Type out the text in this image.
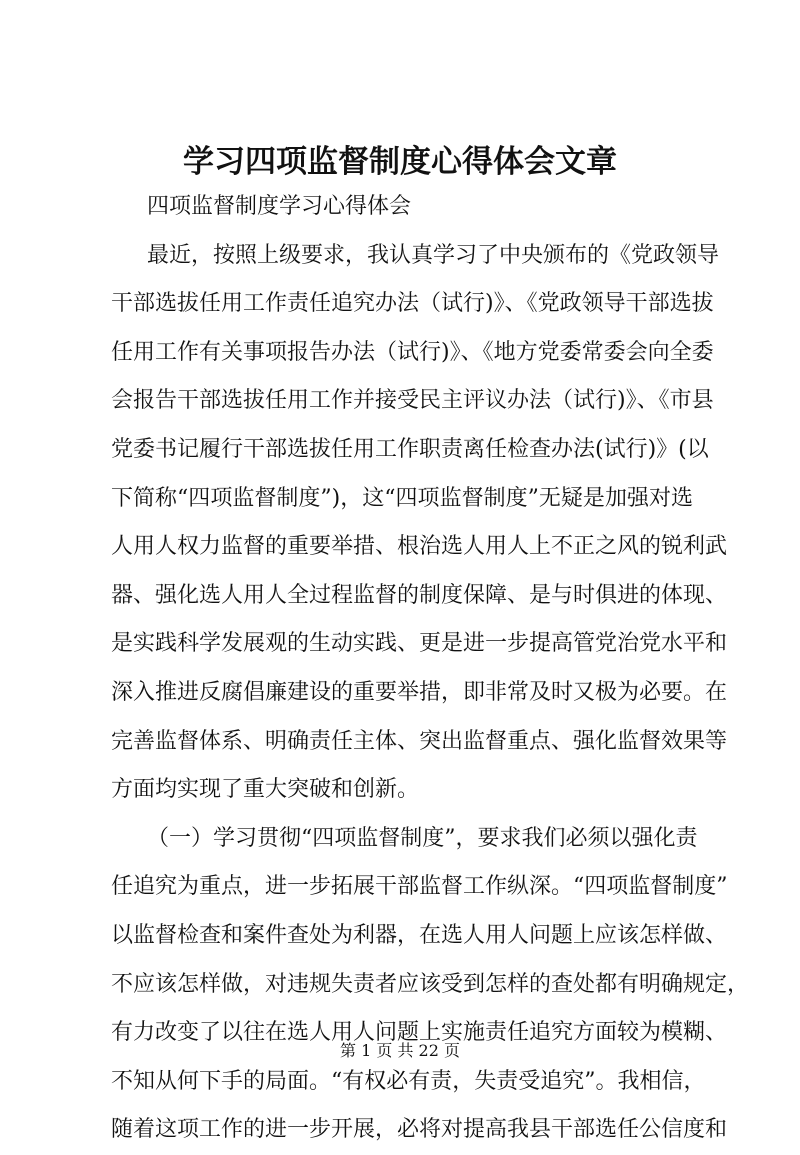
学习四项监督制度心得体会文章
四项监督制度学习心得体会
最近，按照上级要求，我认真学习了中央颁布的《党政领导
干部选拔任用工作责任追究办法（试行)》、《党政领导干部选拔
任用工作有关事项报告办法（试行)》、《地方党委常委会向全委
会报告干部选拔任用工作并接受民主评议办法（试行)》、《市县
党委书记履行干部选拔任用工作职责离任检查办法(试行)》(以
下简称“四项监督制度”)，这“四项监督制度”无疑是加强对选
人用人权力监督的重要举措、根治选人用人上不正之风的锐利武
器、强化选人用人全过程监督的制度保障、是与时俱进的体现、
是实践科学发展观的生动实践、更是进一步提高管党治党水平和
深入推进反腐倡廉建设的重要举措，即非常及时又极为必要。在
完善监督体系、明确责任主体、突出监督重点、强化监督效果等
方面均实现了重大突破和创新。
（一）学习贯彻“四项监督制度”，要求我们必须以强化责
任追究为重点，进一步拓展干部监督工作纵深。“四项监督制度”
以监督检查和案件查处为利器，在选人用人问题上应该怎样做、
不应该怎样做，对违规失责者应该受到怎样的查处都有明确规定，
有力改变了以往在选人用人问题上实施责任追究方面较为模糊、
不知从何下手的局面。“有权必有责，失责受追究”。我相信，
随着这项工作的进一步开展，必将对提高我县干部选任公信度和
第 1 页 共 22 页
